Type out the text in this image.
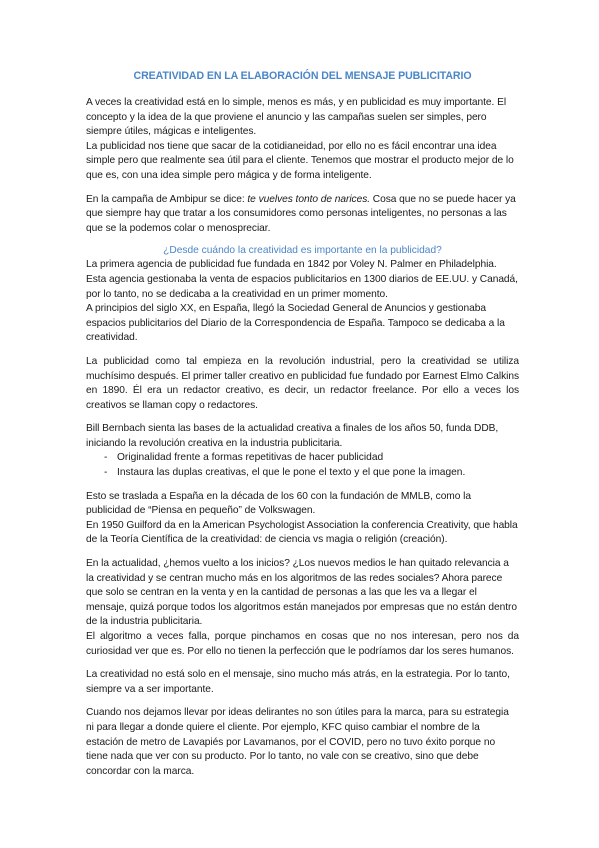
CREATIVIDAD EN LA ELABORACIÓN DEL MENSAJE PUBLICITARIO

A veces la creatividad está en lo simple, menos es más, y en publicidad es muy importante. El concepto y la idea de la que proviene el anuncio y las campañas suelen ser simples, pero siempre útiles, mágicas e inteligentes.

La publicidad nos tiene que sacar de la cotidianeidad, por ello no es fácil encontrar una idea simple pero que realmente sea útil para el cliente. Tenemos que mostrar el producto mejor de lo que es, con una idea simple pero mágica y de forma inteligente.

En la campaña de Ambipur se dice: te vuelves tonto de narices. Cosa que no se puede hacer ya que siempre hay que tratar a los consumidores como personas inteligentes, no personas a las que se la podemos colar o menospreciar.

¿Desde cuándo la creatividad es importante en la publicidad?

La primera agencia de publicidad fue fundada en 1842 por Voley N. Palmer en Philadelphia. Esta agencia gestionaba la venta de espacios publicitarios en 1300 diarios de EE.UU. y Canadá, por lo tanto, no se dedicaba a la creatividad en un primer momento.

A principios del siglo XX, en España, llegó la Sociedad General de Anuncios y gestionaba espacios publicitarios del Diario de la Correspondencia de España. Tampoco se dedicaba a la creatividad.

La publicidad como tal empieza en la revolución industrial, pero la creatividad se utiliza muchísimo después. El primer taller creativo en publicidad fue fundado por Earnest Elmo Calkins en 1890. Él era un redactor creativo, es decir, un redactor freelance. Por ello a veces los creativos se llaman copy o redactores.

Bill Bernbach sienta las bases de la actualidad creativa a finales de los años 50, funda DDB, iniciando la revolución creativa en la industria publicitaria.

- Originalidad frente a formas repetitivas de hacer publicidad
- Instaura las duplas creativas, el que le pone el texto y el que pone la imagen.

Esto se traslada a España en la década de los 60 con la fundación de MMLB, como la publicidad de “Piensa en pequeño” de Volkswagen.

En 1950 Guilford da en la American Psychologist Association la conferencia Creativity, que habla de la Teoría Científica de la creatividad: de ciencia vs magia o religión (creación).

En la actualidad, ¿hemos vuelto a los inicios? ¿Los nuevos medios le han quitado relevancia a la creatividad y se centran mucho más en los algoritmos de las redes sociales? Ahora parece que solo se centran en la venta y en la cantidad de personas a las que les va a llegar el mensaje, quizá porque todos los algoritmos están manejados por empresas que no están dentro de la industria publicitaria.

El algoritmo a veces falla, porque pinchamos en cosas que no nos interesan, pero nos da curiosidad ver que es. Por ello no tienen la perfección que le podríamos dar los seres humanos.

La creatividad no está solo en el mensaje, sino mucho más atrás, en la estrategia. Por lo tanto, siempre va a ser importante.

Cuando nos dejamos llevar por ideas delirantes no son útiles para la marca, para su estrategia ni para llegar a donde quiere el cliente. Por ejemplo, KFC quiso cambiar el nombre de la estación de metro de Lavapiés por Lavamanos, por el COVID, pero no tuvo éxito porque no tiene nada que ver con su producto. Por lo tanto, no vale con se creativo, sino que debe concordar con la marca.
